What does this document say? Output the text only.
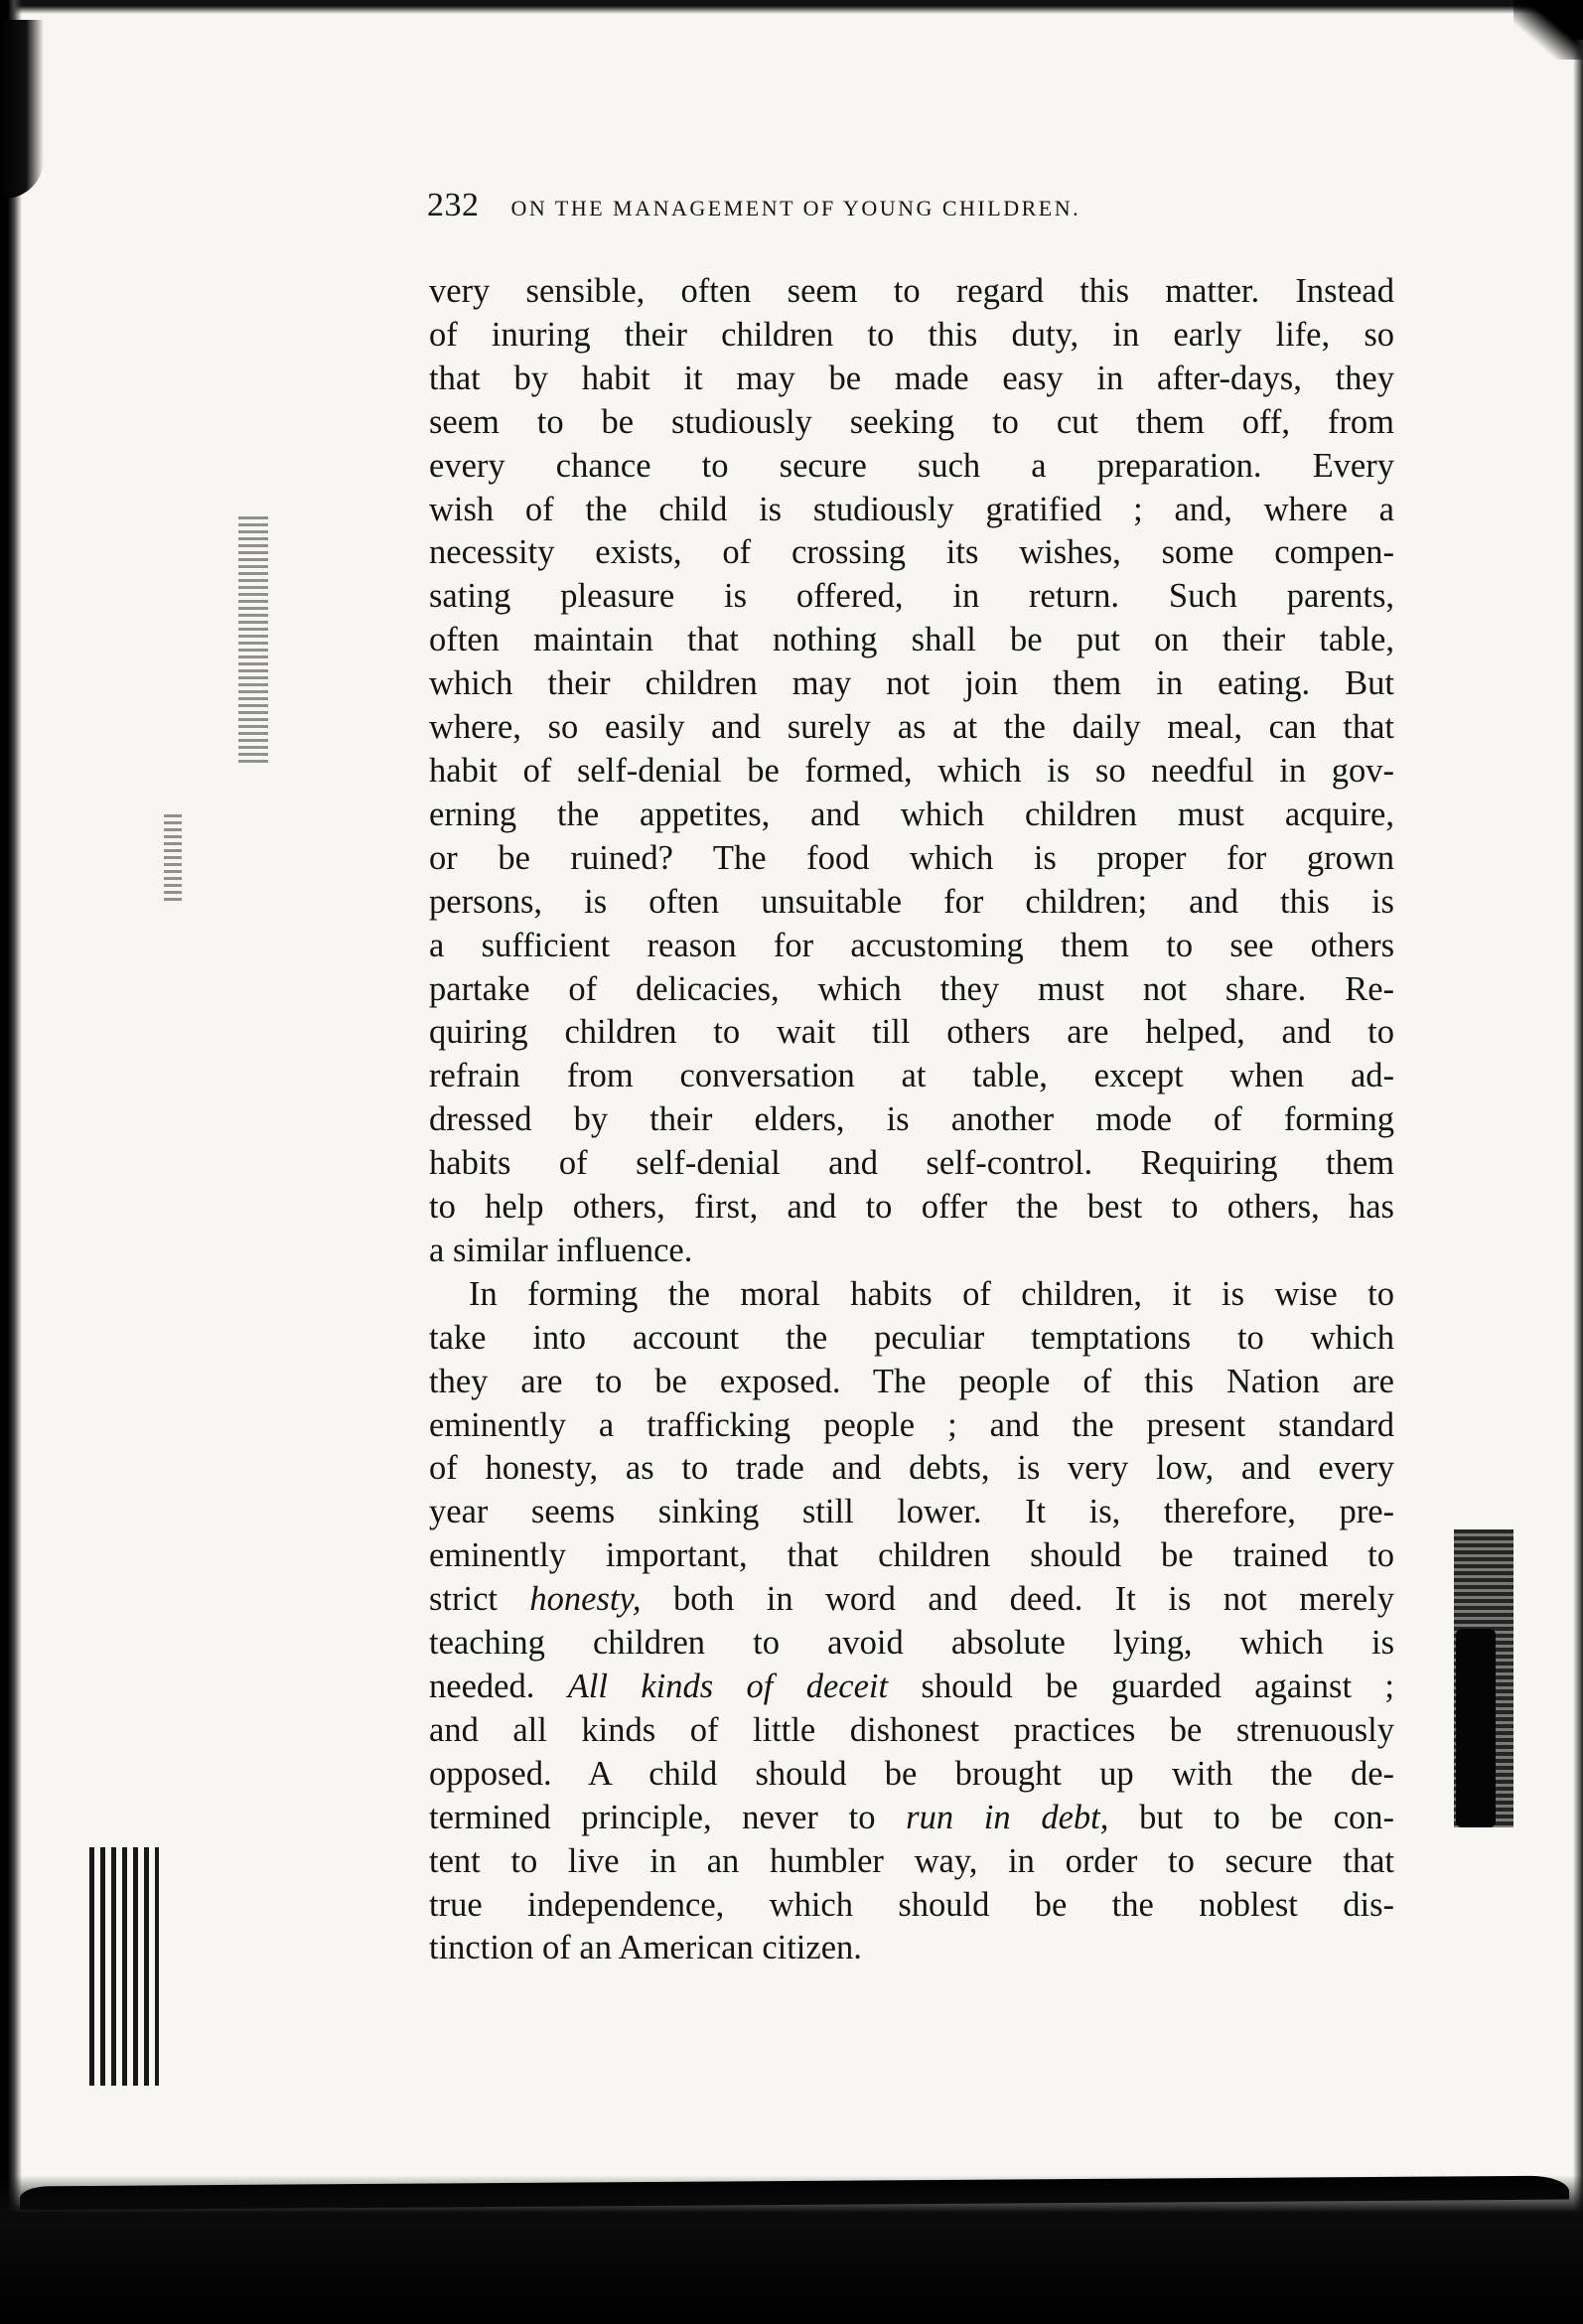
232 ON THE MANAGEMENT OF YOUNG CHILDREN.
very sensible, often seem to regard this matter. Instead
of inuring their children to this duty, in early life, so
that by habit it may be made easy in after-days, they
seem to be studiously seeking to cut them off, from
every chance to secure such a preparation. Every
wish of the child is studiously gratified ; and, where a
necessity exists, of crossing its wishes, some compen-
sating pleasure is offered, in return. Such parents,
often maintain that nothing shall be put on their table,
which their children may not join them in eating. But
where, so easily and surely as at the daily meal, can that
habit of self-denial be formed, which is so needful in gov-
erning the appetites, and which children must acquire,
or be ruined? The food which is proper for grown
persons, is often unsuitable for children; and this is
a sufficient reason for accustoming them to see others
partake of delicacies, which they must not share. Re-
quiring children to wait till others are helped, and to
refrain from conversation at table, except when ad-
dressed by their elders, is another mode of forming
habits of self-denial and self-control. Requiring them
to help others, first, and to offer the best to others, has
a similar influence.
In forming the moral habits of children, it is wise to
take into account the peculiar temptations to which
they are to be exposed. The people of this Nation are
eminently a trafficking people ; and the present standard
of honesty, as to trade and debts, is very low, and every
year seems sinking still lower. It is, therefore, pre-
eminently important, that children should be trained to
strict honesty, both in word and deed. It is not merely
teaching children to avoid absolute lying, which is
needed. All kinds of deceit should be guarded against ;
and all kinds of little dishonest practices be strenuously
opposed. A child should be brought up with the de-
termined principle, never to run in debt, but to be con-
tent to live in an humbler way, in order to secure that
true independence, which should be the noblest dis-
tinction of an American citizen.
